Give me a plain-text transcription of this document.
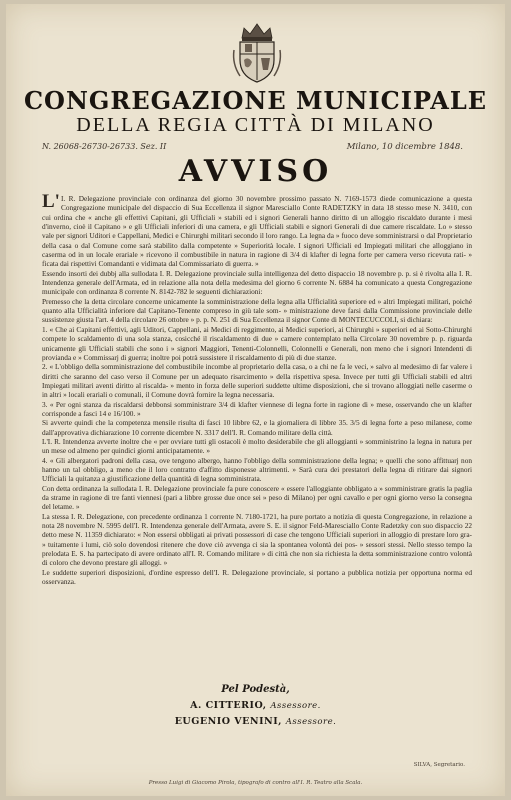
CONGREGAZIONE MUNICIPALE
DELLA REGIA CITTÀ DI MILANO
N. 26068-26730-26733. Sez. II	Milano, 10 dicembre 1848.
AVVISO

L'I. R. Delegazione provinciale con ordinanza del giorno 30 novembre prossimo passato N. 7169-1573 diede comunicazione a questa Congregazione municipale del dispaccio di Sua Eccellenza il signor Maresciallo Conte RADETZKY in data 18 stesso mese N. 3410, con cui ordina che « anche gli effettivi Capitani, gli Ufficiali » stabili ed i signori Generali hanno diritto di un alloggio riscaldato durante i mesi d'inverno, cioè il Capitano » e gli Ufficiali inferiori di una camera, e gli Ufficiali stabili e signori Generali di due camere riscaldate. Lo » stesso vale per signori Uditori e Cappellani, Medici e Chirurghi militari secondo il loro rango. La legna da » fuoco deve somministrarsi o dal Proprietario della casa o dal Comune come sarà stabilito dalla competente » Superiorità locale. I signori Ufficiali ed Impiegati militari che alloggiano in caserma od in un locale erariale » ricevono il combustibile in natura in ragione di 3/4 di klafter di legna forte per camera verso ricevuta rati- » ficata dai rispettivi Comandanti e vidimata dal Commissariato di guerra. »

Essendo insorti dei dubbj alla sullodata I. R. Delegazione provinciale sulla intelligenza del detto dispaccio 18 novembre p. p. si è rivolta alla I. R. Intendenza generale dell'Armata, ed in relazione alla nota della medesima del giorno 6 corrente N. 6884 ha comunicato a questa Congregazione municipale con ordinanza 8 corrente N. 8142-782 le seguenti dichiarazioni:

Premesso che la detta circolare concerne unicamente la somministrazione della legna alla Ufficialità superiore ed » altri Impiegati militari, poiché quanto alla Ufficialità inferiore dal Capitano-Tenente compreso in giù tale som- » ministrazione deve farsi dalla Commissione provinciale delle sussistenze giusta l'art. 4 della circolare 26 ottobre » p. p. N. 251 di Sua Eccellenza il signor Conte di MONTECUCCOLI, si dichiara:

1. « Che ai Capitani effettivi, agli Uditori, Cappellani, ai Medici di reggimento, ai Medici superiori, ai Chirurghi » superiori ed ai Sotto-Chirurghi compete lo scaldamento di una sola stanza, cosicché il riscaldamento di due » camere contemplato nella Circolare 30 novembre p. p. riguarda unicamente gli Ufficiali stabili che sono i » signori Maggiori, Tenenti-Colonnelli, Colonnelli e Generali, non meno che i signori Intendenti di provianda e » Commissarj di guerra; inoltre poi potrà sussistere il riscaldamento di più di due stanze.

2. « L'obbligo della somministrazione del combustibile incombe al proprietario della casa, o a chi ne fa le veci, » salvo al medesimo di far valere i diritti che saranno del caso verso il Comune per un adequato risarcimento » della rispettiva spesa. Invece per tutti gli Ufficiali stabili ed altri Impiegati militari aventi diritto al riscalda- » mento in forza delle superiori suddette ultime disposizioni, che si trovano alloggiati nelle caserme o in altri » locali erariali o comunali, il Comune dovrà fornire la legna necessaria.

3. « Per ogni stanza da riscaldarsi debbonsi somministrare 3/4 di klafter viennese di legna forte in ragione di » mese, osservando che un klafter corrisponde a fasci 14 e 16/100. »

Si avverte quindi che la competenza mensile risulta di fasci 10 libbre 62, e la giornaliera di libbre 35. 3/5 di legna forte a peso milanese, come dall'approvativa dichiarazione 10 corrente dicembre N. 3317 dell'I. R. Comando militare della città.

L'I. R. Intendenza avverte inoltre che « per ovviare tutti gli ostacoli è molto desiderabile che gli alloggianti » somministrino la legna in natura per un mese od almeno per quindici giorni anticipatamente. »

4. « Gli albergatori padroni della casa, ove tengono albergo, hanno l'obbligo della somministrazione della legna; » quelli che sono affittuarj non hanno un tal obbligo, a meno che il loro contratto d'affitto disponesse altrimenti. » Sarà cura dei prestatori della legna di ritirare dai signori Ufficiali la quitanza a giustificazione della quantità di legna somministrata.

Con detta ordinanza la sullodata I. R. Delegazione provinciale fa pure conoscere « essere l'alloggiante obbligato a » somministrare gratis la paglia da strame in ragione di tre fanti viennesi (pari a libbre grosse due once sei » peso di Milano) per ogni cavallo e per ogni giorno verso la consegna del letame. »

La stessa I. R. Delegazione, con precedente ordinanza 1 corrente N. 7180-1721, ha pure portato a notizia di questa Congregazione, in relazione a nota 28 novembre N. 5995 dell'I. R. Intendenza generale dell'Armata, avere S. E. il signor Feld-Maresciallo Conte Radetzky con suo dispaccio 22 detto mese N. 11359 dichiarato: « Non essersi obbligati ai privati possessori di case che tengono Ufficiali superiori in alloggio di prestare loro gra- » tuitamente i lumi, ciò solo dovendosi ritenere che dove ciò avvenga ci sia la spontanea volontà dei pos- » sessori stessi. Nello stesso tempo la prelodata E. S. ha partecipato di avere ordinato all'I. R. Comando militare » di città che non sia richiesta la detta somministrazione contro volontà di coloro che devono prestare gli alloggi. »

Le suddette superiori disposizioni, d'ordine espresso dell'I. R. Delegazione provinciale, si portano a pubblica notizia per opportuna norma ed osservanza.

Pel Podestà,
A. CITTERIO, Assessore.
EUGENIO VENINI, Assessore.
SILVA, Segretario.
Presso Luigi di Giacomo Pirola, tipografo di contro all'I. R. Teatro alla Scala.
